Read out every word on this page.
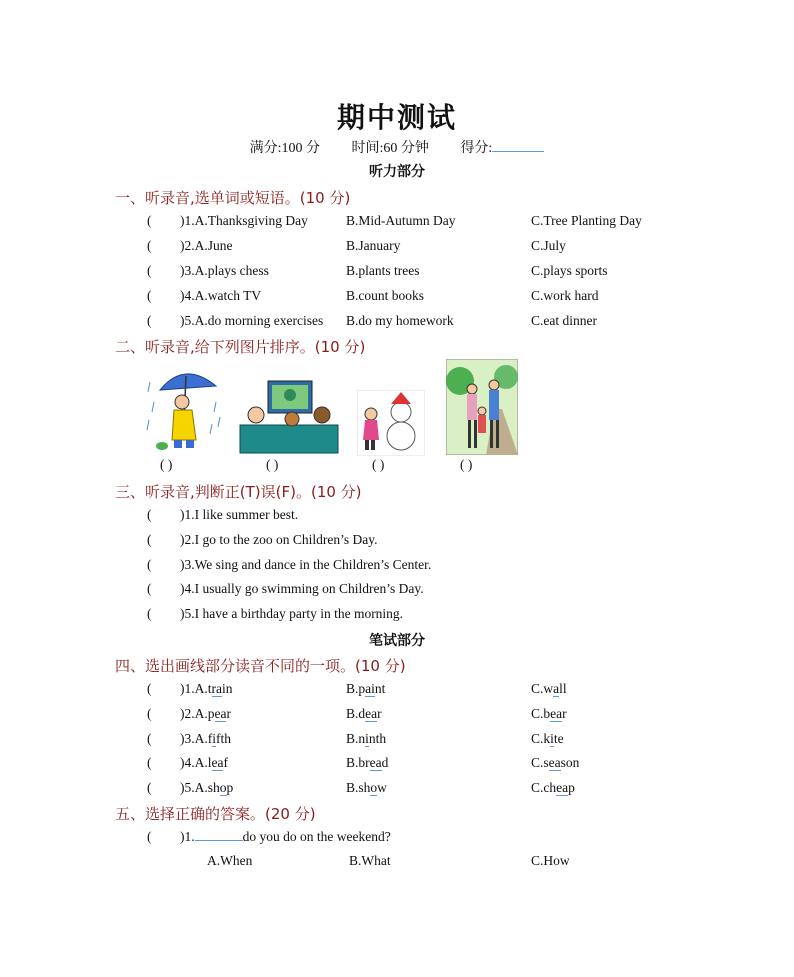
期中测试
满分:100 分 时间:60 分钟 得分:
听力部分
一、听录音,选单词或短语。(10 分)
( )1.A.Thanksgiving Day	B.Mid-Autumn Day	C.Tree Planting Day
( )2.A.June	B.January	C.July
( )3.A.plays chess	B.plants trees	C.plays sports
( )4.A.watch TV	B.count books	C.work hard
( )5.A.do morning exercises B.do my homework	C.eat dinner
二、听录音,给下列图片排序。(10 分)
( )	( )	( )	( )
三、听录音,判断正(T)误(F)。(10 分)
( )1.I like summer best.
( )2.I go to the zoo on Children’s Day.
( )3.We sing and dance in the Children’s Center.
( )4.I usually go swimming on Children’s Day.
( )5.I have a birthday party in the morning.
笔试部分
四、选出画线部分读音不同的一项。(10 分)
( )1.A.train	B.paint	C.wall
( )2.A.pear	B.dear	C.bear
( )3.A.fifth	B.ninth	C.kite
( )4.A.leaf	B.bread	C.season
( )5.A.shop	B.show	C.cheap
五、选择正确的答案。(20 分)
( )1.	do you do on the weekend?
A.When	B.What	C.How
